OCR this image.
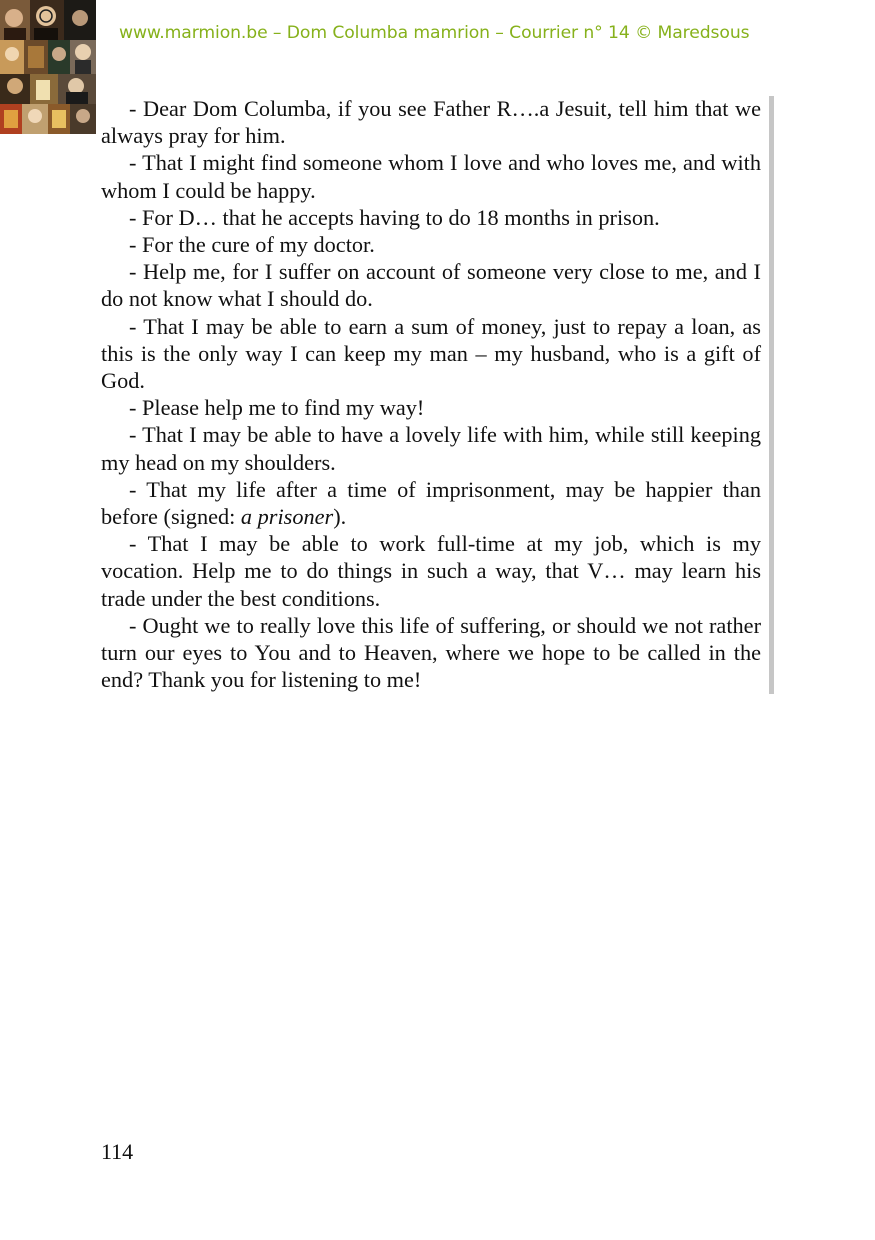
www.marmion.be – Dom Columba mamrion – Courrier n° 14 © Maredsous

- Dear Dom Columba, if you see Father R….a Jesuit, tell him that we always pray for him.

- That I might find someone whom I love and who loves me, and with whom I could be happy.

- For D… that he accepts having to do 18 months in prison.

- For the cure of my doctor.

- Help me, for I suffer on account of someone very close to me, and I do not know what I should do.

- That I may be able to earn a sum of money, just to repay a loan, as this is the only way I can keep my man – my husband, who is a gift of God.

- Please help me to find my way!

- That I may be able to have a lovely life with him, while still keeping my head on my shoulders.

- That my life after a time of imprisonment, may be happier than before (signed: a prisoner).

- That I may be able to work full-time at my job, which is my vocation. Help me to do things in such a way, that V… may learn his trade under the best conditions.

- Ought we to really love this life of suffering, or should we not rather turn our eyes to You and to Heaven, where we hope to be called in the end? Thank you for listening to me!

114
